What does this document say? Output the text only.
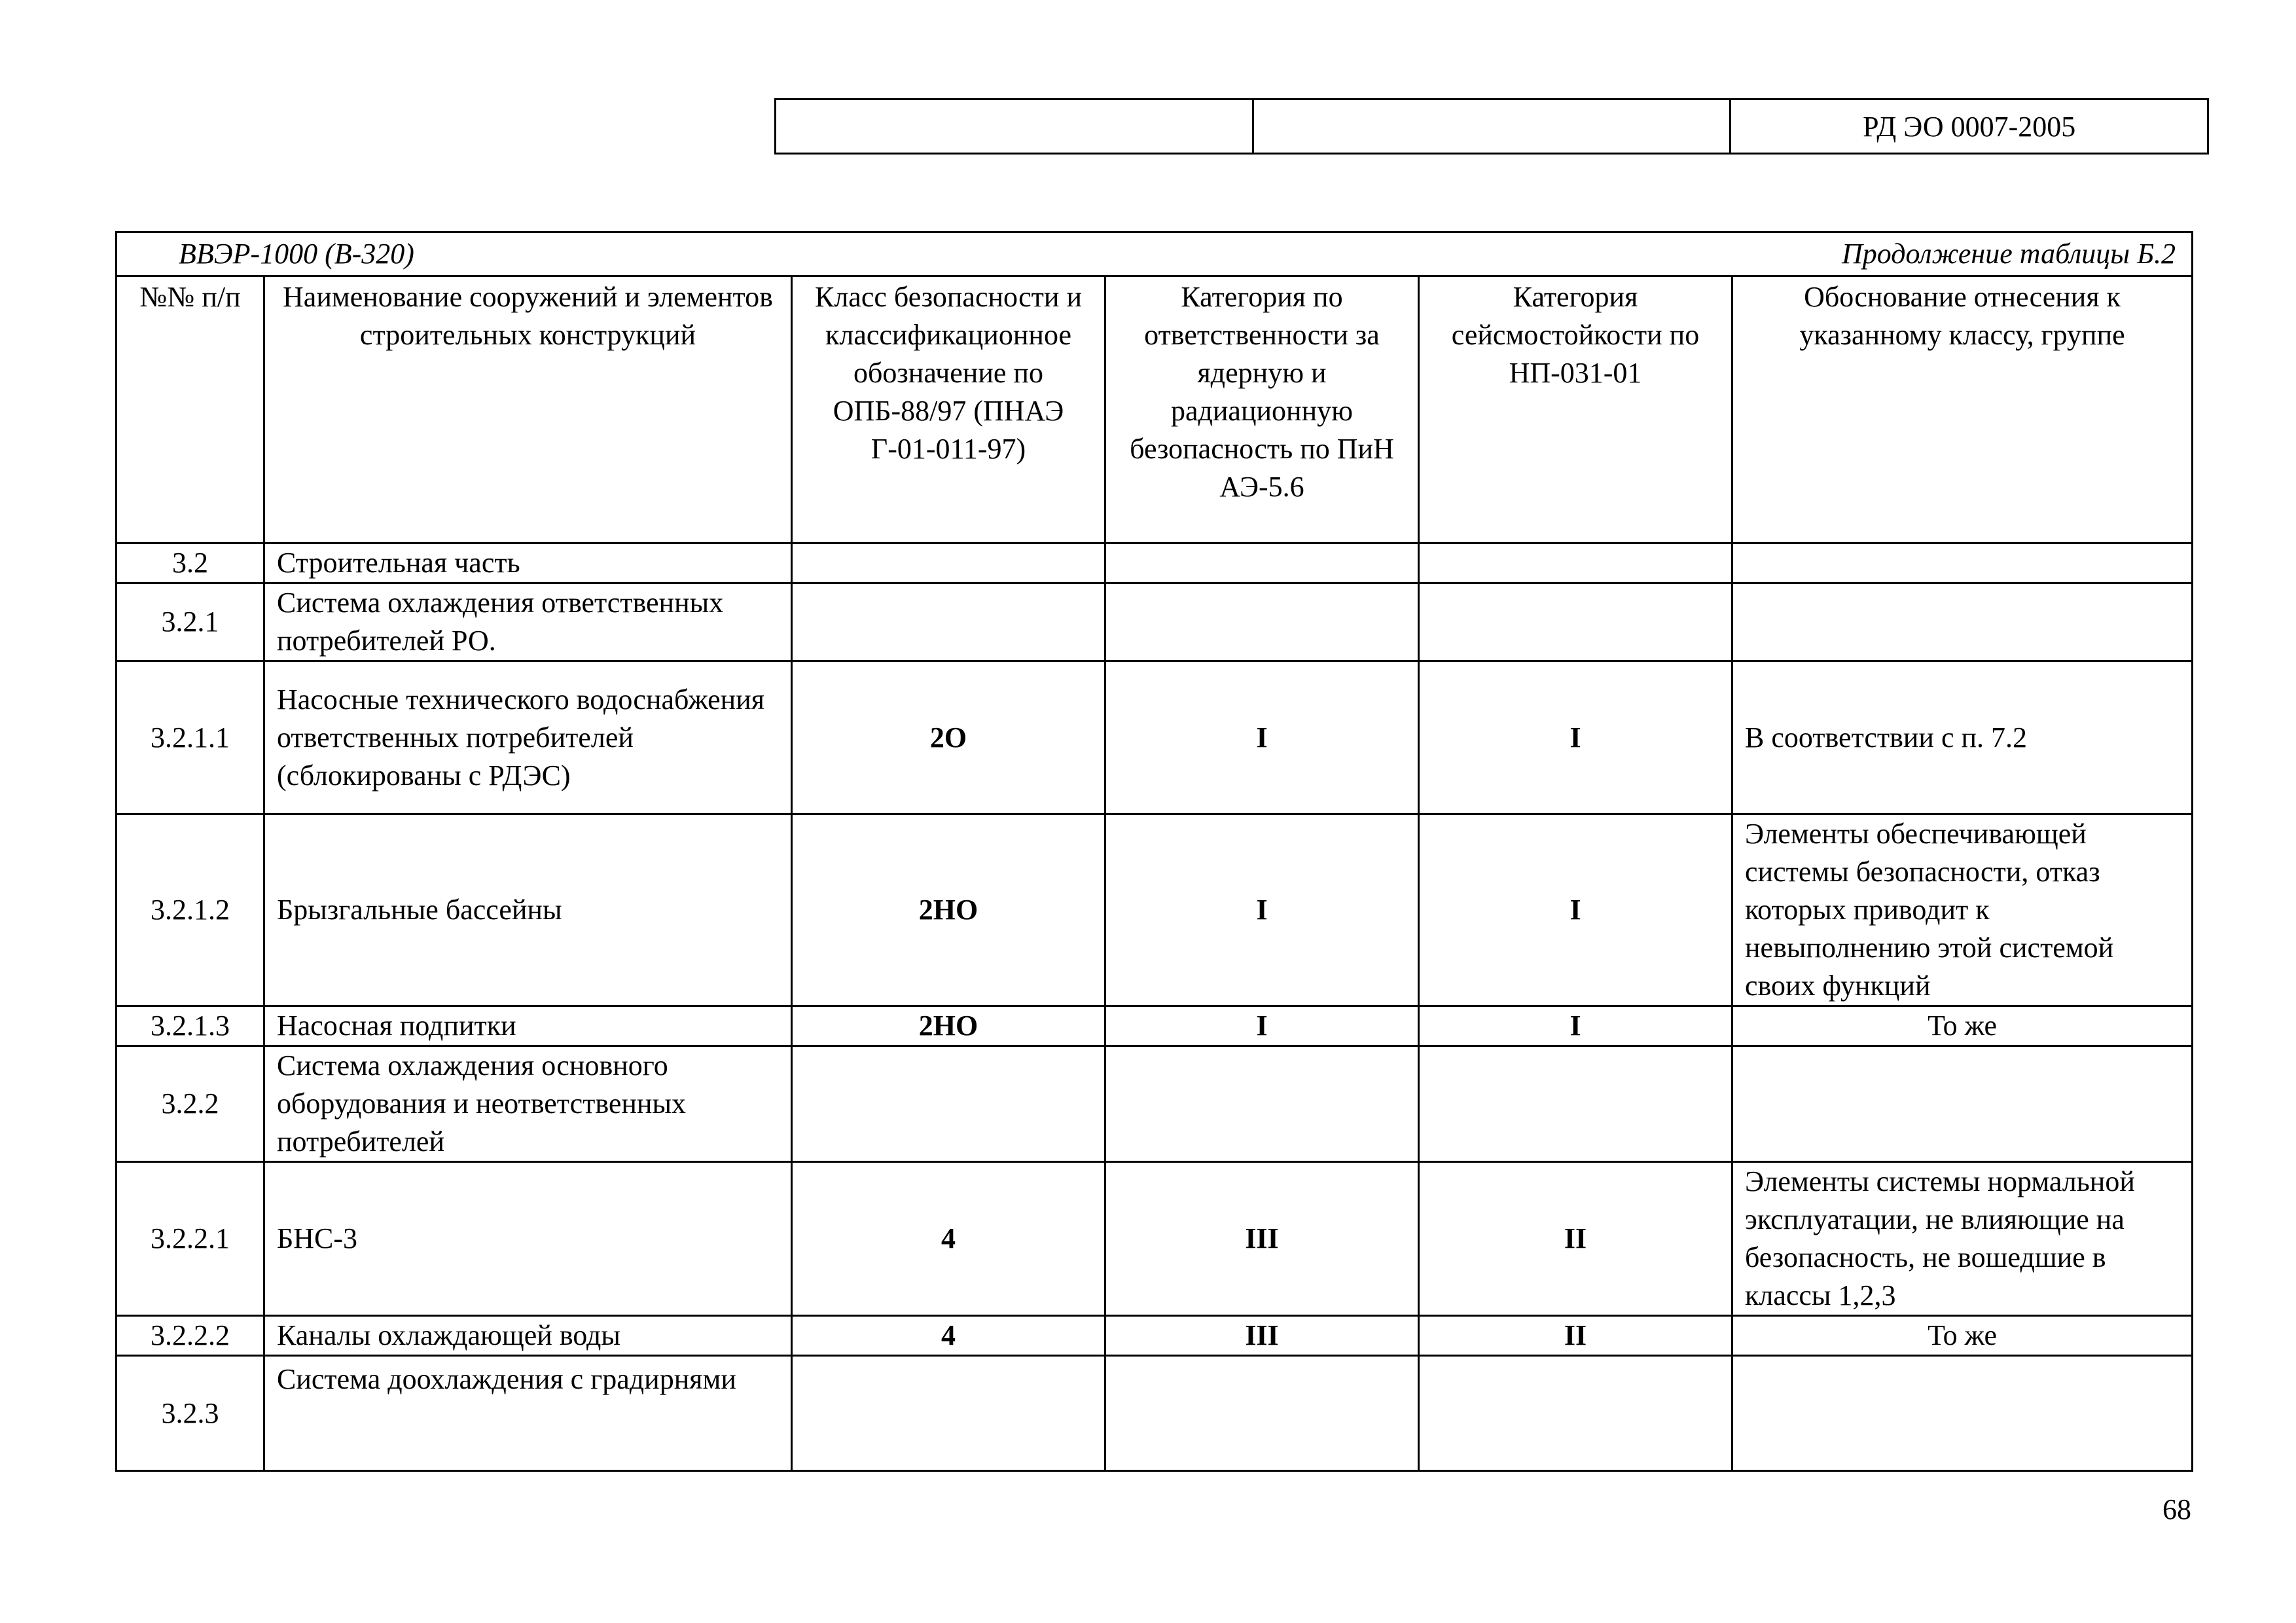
		РД ЭО 0007-2005
ВВЭР-1000 (В-320) Продолжение таблицы Б.2					

№№ п/п	Наименование сооружений и элементов строительных конструкций	Класс безопасности и классификационное обозначение по ОПБ-88/97 (ПНАЭ Г-01-011-97)	Категория по ответственности за ядерную и радиационную безопасность по ПиН АЭ-5.6	Категория сейсмостойкости по НП-031-01	Обоснование отнесения к указанному классу, группе
3.2	Строительная часть				
3.2.1	Система охлаждения ответственных потребителей РО.				
3.2.1.1	Насосные технического водоснабжения ответственных потребителей (сблокированы с РДЭС)	2О	I	I	В соответствии с п. 7.2
3.2.1.2	Брызгальные бассейны	2НО	I	I	Элементы обеспечивающей системы безопасности, отказ которых приводит к невыполнению этой системой своих функций
3.2.1.3	Насосная подпитки	2НО	I	I	То же
3.2.2	Система охлаждения основного оборудования и неответственных потребителей				
3.2.2.1	БНС-3	4	III	II	Элементы системы нормальной эксплуатации, не влияющие на безопасность, не вошедшие в классы 1,2,3
3.2.2.2	Каналы охлаждающей воды	4	III	II	То же
3.2.3	Система доохлаждения с градирнями				
68
